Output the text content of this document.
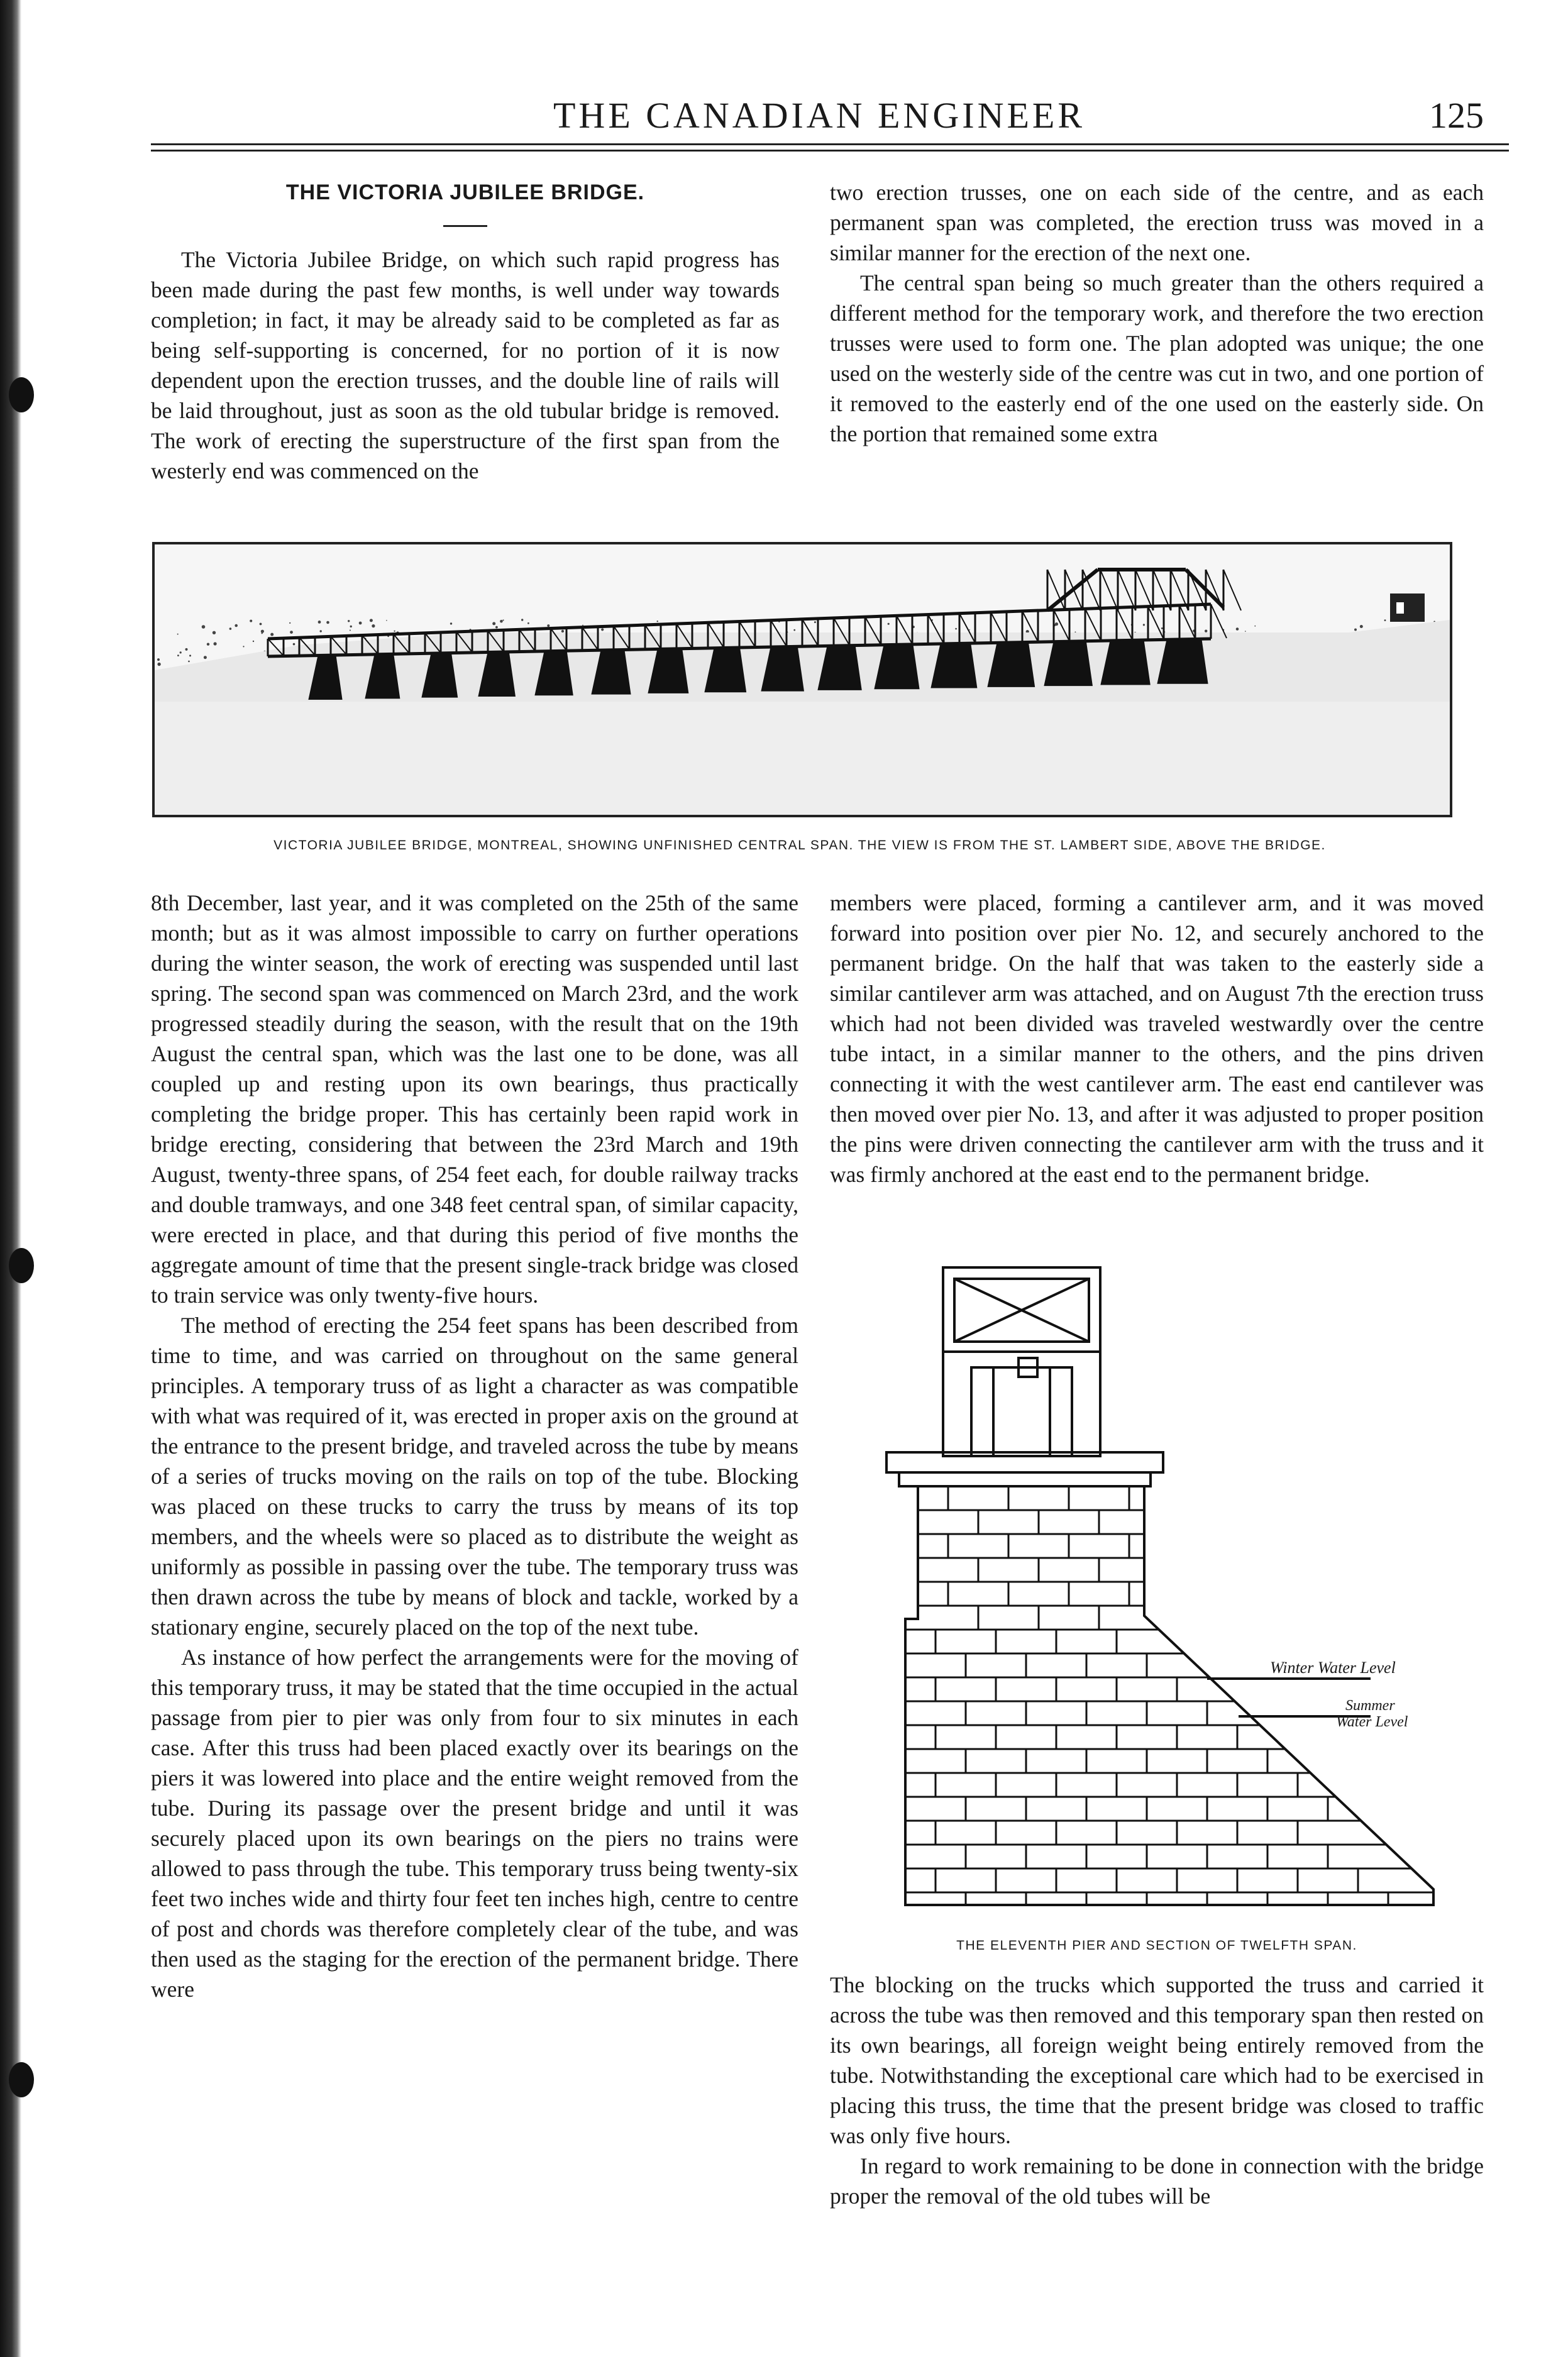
THE CANADIAN ENGINEER	125
THE VICTORIA JUBILEE BRIDGE.

The Victoria Jubilee Bridge, on which such rapid progress has been made during the past few months, is well under way towards completion; in fact, it may be already said to be completed as far as being self-supporting is concerned, for no portion of it is now dependent upon the erection trusses, and the double line of rails will be laid throughout, just as soon as the old tubular bridge is removed. The work of erecting the superstructure of the first span from the westerly end was commenced on the

two erection trusses, one on each side of the centre, and as each permanent span was completed, the erection truss was moved in a similar manner for the erection of the next one.

The central span being so much greater than the others required a different method for the temporary work, and therefore the two erection trusses were used to form one. The plan adopted was unique; the one used on the westerly side of the centre was cut in two, and one portion of it removed to the easterly end of the one used on the easterly side. On the portion that remained some extra

VICTORIA JUBILEE BRIDGE, MONTREAL, SHOWING UNFINISHED CENTRAL SPAN. THE VIEW IS FROM THE ST. LAMBERT SIDE, ABOVE THE BRIDGE.

8th December, last year, and it was completed on the 25th of the same month; but as it was almost impossible to carry on further operations during the winter season, the work of erecting was suspended until last spring. The second span was commenced on March 23rd, and the work progressed steadily during the season, with the result that on the 19th August the central span, which was the last one to be done, was all coupled up and resting upon its own bearings, thus practically completing the bridge proper. This has certainly been rapid work in bridge erecting, considering that between the 23rd March and 19th August, twenty-three spans, of 254 feet each, for double railway tracks and double tramways, and one 348 feet central span, of similar capacity, were erected in place, and that during this period of five months the aggregate amount of time that the present single-track bridge was closed to train service was only twenty-five hours.

The method of erecting the 254 feet spans has been described from time to time, and was carried on throughout on the same general principles. A temporary truss of as light a character as was compatible with what was required of it, was erected in proper axis on the ground at the entrance to the present bridge, and traveled across the tube by means of a series of trucks moving on the rails on top of the tube. Blocking was placed on these trucks to carry the truss by means of its top members, and the wheels were so placed as to distribute the weight as uniformly as possible in passing over the tube. The temporary truss was then drawn across the tube by means of block and tackle, worked by a stationary engine, securely placed on the top of the next tube.

As instance of how perfect the arrangements were for the moving of this temporary truss, it may be stated that the time occupied in the actual passage from pier to pier was only from four to six minutes in each case. After this truss had been placed exactly over its bearings on the piers it was lowered into place and the entire weight removed from the tube. During its passage over the present bridge and until it was securely placed upon its own bearings on the piers no trains were allowed to pass through the tube. This temporary truss being twenty-six feet two inches wide and thirty four feet ten inches high, centre to centre of post and chords was therefore completely clear of the tube, and was then used as the staging for the erection of the permanent bridge. There were

members were placed, forming a cantilever arm, and it was moved forward into position over pier No. 12, and securely anchored to the permanent bridge. On the half that was taken to the easterly side a similar cantilever arm was attached, and on August 7th the erection truss which had not been divided was traveled westwardly over the centre tube intact, in a similar manner to the others, and the pins driven connecting it with the west cantilever arm. The east end cantilever was then moved over pier No. 13, and after it was adjusted to proper position the pins were driven connecting the cantilever arm with the truss and it was firmly anchored at the east end to the permanent bridge.

Winter Water Level
Summer
Water Level
THE ELEVENTH PIER AND SECTION OF TWELFTH SPAN.

The blocking on the trucks which supported the truss and carried it across the tube was then removed and this temporary span then rested on its own bearings, all foreign weight being entirely removed from the tube. Notwithstanding the exceptional care which had to be exercised in placing this truss, the time that the present bridge was closed to traffic was only five hours.

In regard to work remaining to be done in connection with the bridge proper the removal of the old tubes will be
